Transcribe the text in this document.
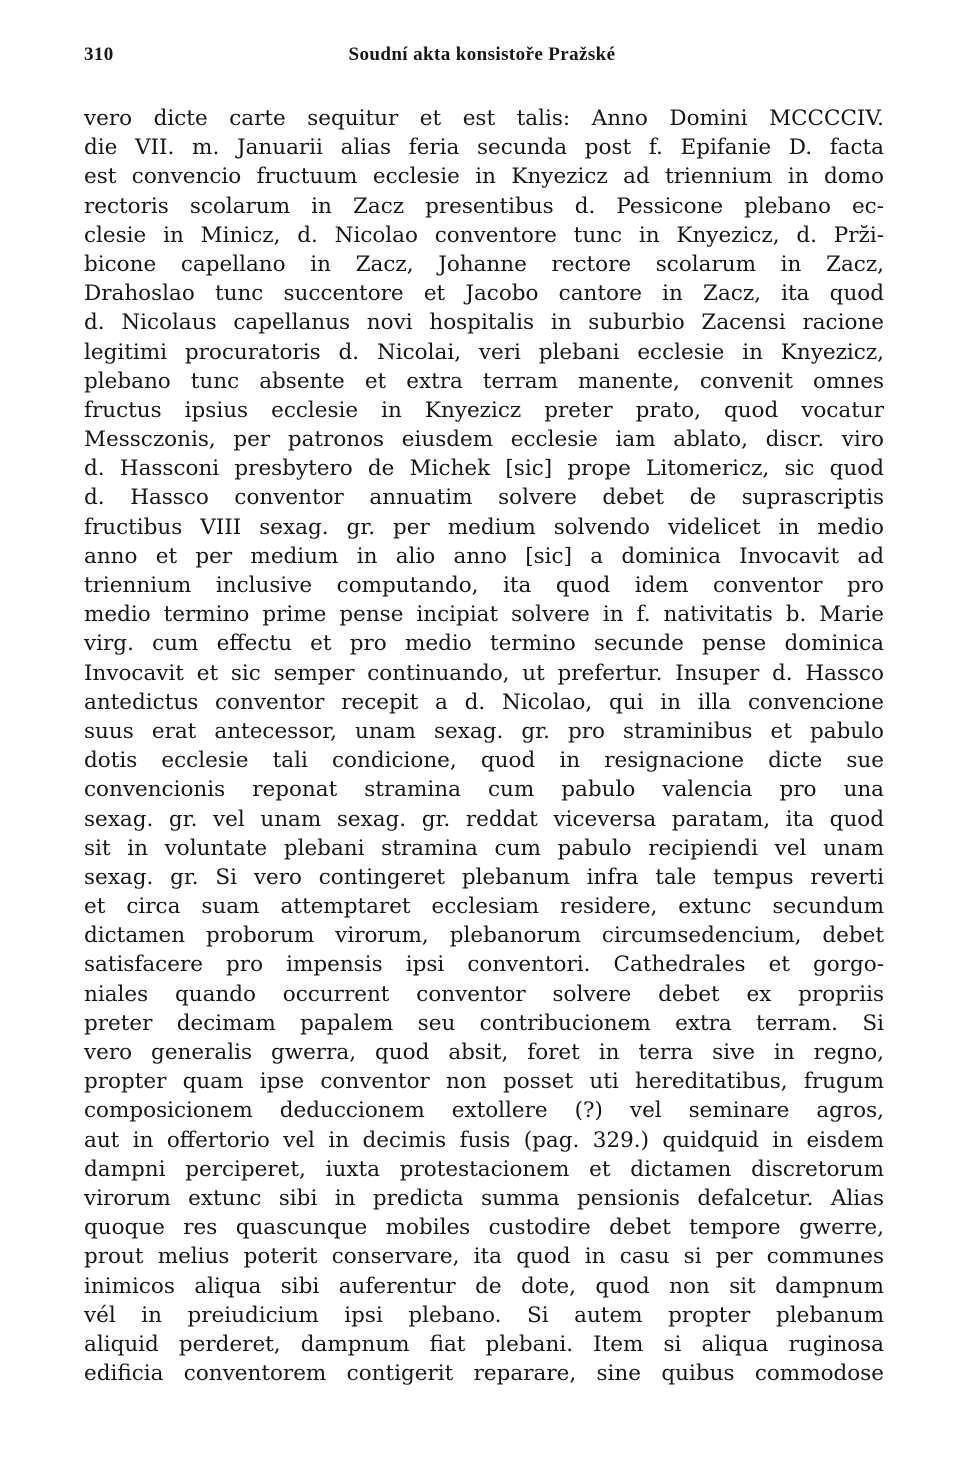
310	Soudní akta konsistoře Pražské
vero dicte carte sequitur et est talis: Anno Domini MCCCCIV.
die VII. m. Januarii alias feria secunda post f. Epifanie D. facta
est convencio fructuum ecclesie in Knyezicz ad triennium in domo
rectoris scolarum in Zacz presentibus d. Pessicone plebano ec-
clesie in Minicz, d. Nicolao conventore tunc in Knyezicz, d. Prz̆i-
bicone capellano in Zacz, Johanne rectore scolarum in Zacz,
Drahoslao tunc succentore et Jacobo cantore in Zacz, ita quod
d. Nicolaus capellanus novi hospitalis in suburbio Zacensi racione
legitimi procuratoris d. Nicolai, veri plebani ecclesie in Knyezicz,
plebano tunc absente et extra terram manente, convenit omnes
fructus ipsius ecclesie in Knyezicz preter prato, quod vocatur
Messczonis, per patronos eiusdem ecclesie iam ablato, discr. viro
d. Hassconi presbytero de Michek [sic] prope Litomericz, sic quod
d. Hassco conventor annuatim solvere debet de suprascriptis
fructibus VIII sexag. gr. per medium solvendo videlicet in medio
anno et per medium in alio anno [sic] a dominica Invocavit ad
triennium inclusive computando, ita quod idem conventor pro
medio termino prime pense incipiat solvere in f. nativitatis b. Marie
virg. cum effectu et pro medio termino secunde pense dominica
Invocavit et sic semper continuando, ut prefertur. Insuper d. Hassco
antedictus conventor recepit a d. Nicolao, qui in illa convencione
suus erat antecessor, unam sexag. gr. pro straminibus et pabulo
dotis ecclesie tali condicione, quod in resignacione dicte sue
convencionis reponat stramina cum pabulo valencia pro una
sexag. gr. vel unam sexag. gr. reddat viceversa paratam, ita quod
sit in voluntate plebani stramina cum pabulo recipiendi vel unam
sexag. gr. Si vero contingeret plebanum infra tale tempus reverti
et circa suam attemptaret ecclesiam residere, extunc secundum
dictamen proborum virorum, plebanorum circumsedencium, debet
satisfacere pro impensis ipsi conventori. Cathedrales et gorgo-
niales quando occurrent conventor solvere debet ex propriis
preter decimam papalem seu contribucionem extra terram. Si
vero generalis gwerra, quod absit, foret in terra sive in regno,
propter quam ipse conventor non posset uti hereditatibus, frugum
composicionem deduccionem extollere (?) vel seminare agros,
aut in offertorio vel in decimis fusis (pag. 329.) quidquid in eisdem
dampni perciperet, iuxta protestacionem et dictamen discretorum
virorum extunc sibi in predicta summa pensionis defalcetur. Alias
quoque res quascunque mobiles custodire debet tempore gwerre,
prout melius poterit conservare, ita quod in casu si per communes
inimicos aliqua sibi auferentur de dote, quod non sit dampnum
vél in preiudicium ipsi plebano. Si autem propter plebanum
aliquid perderet, dampnum fiat plebani. Item si aliqua ruginosa
edificia conventorem contigerit reparare, sine quibus commodose
